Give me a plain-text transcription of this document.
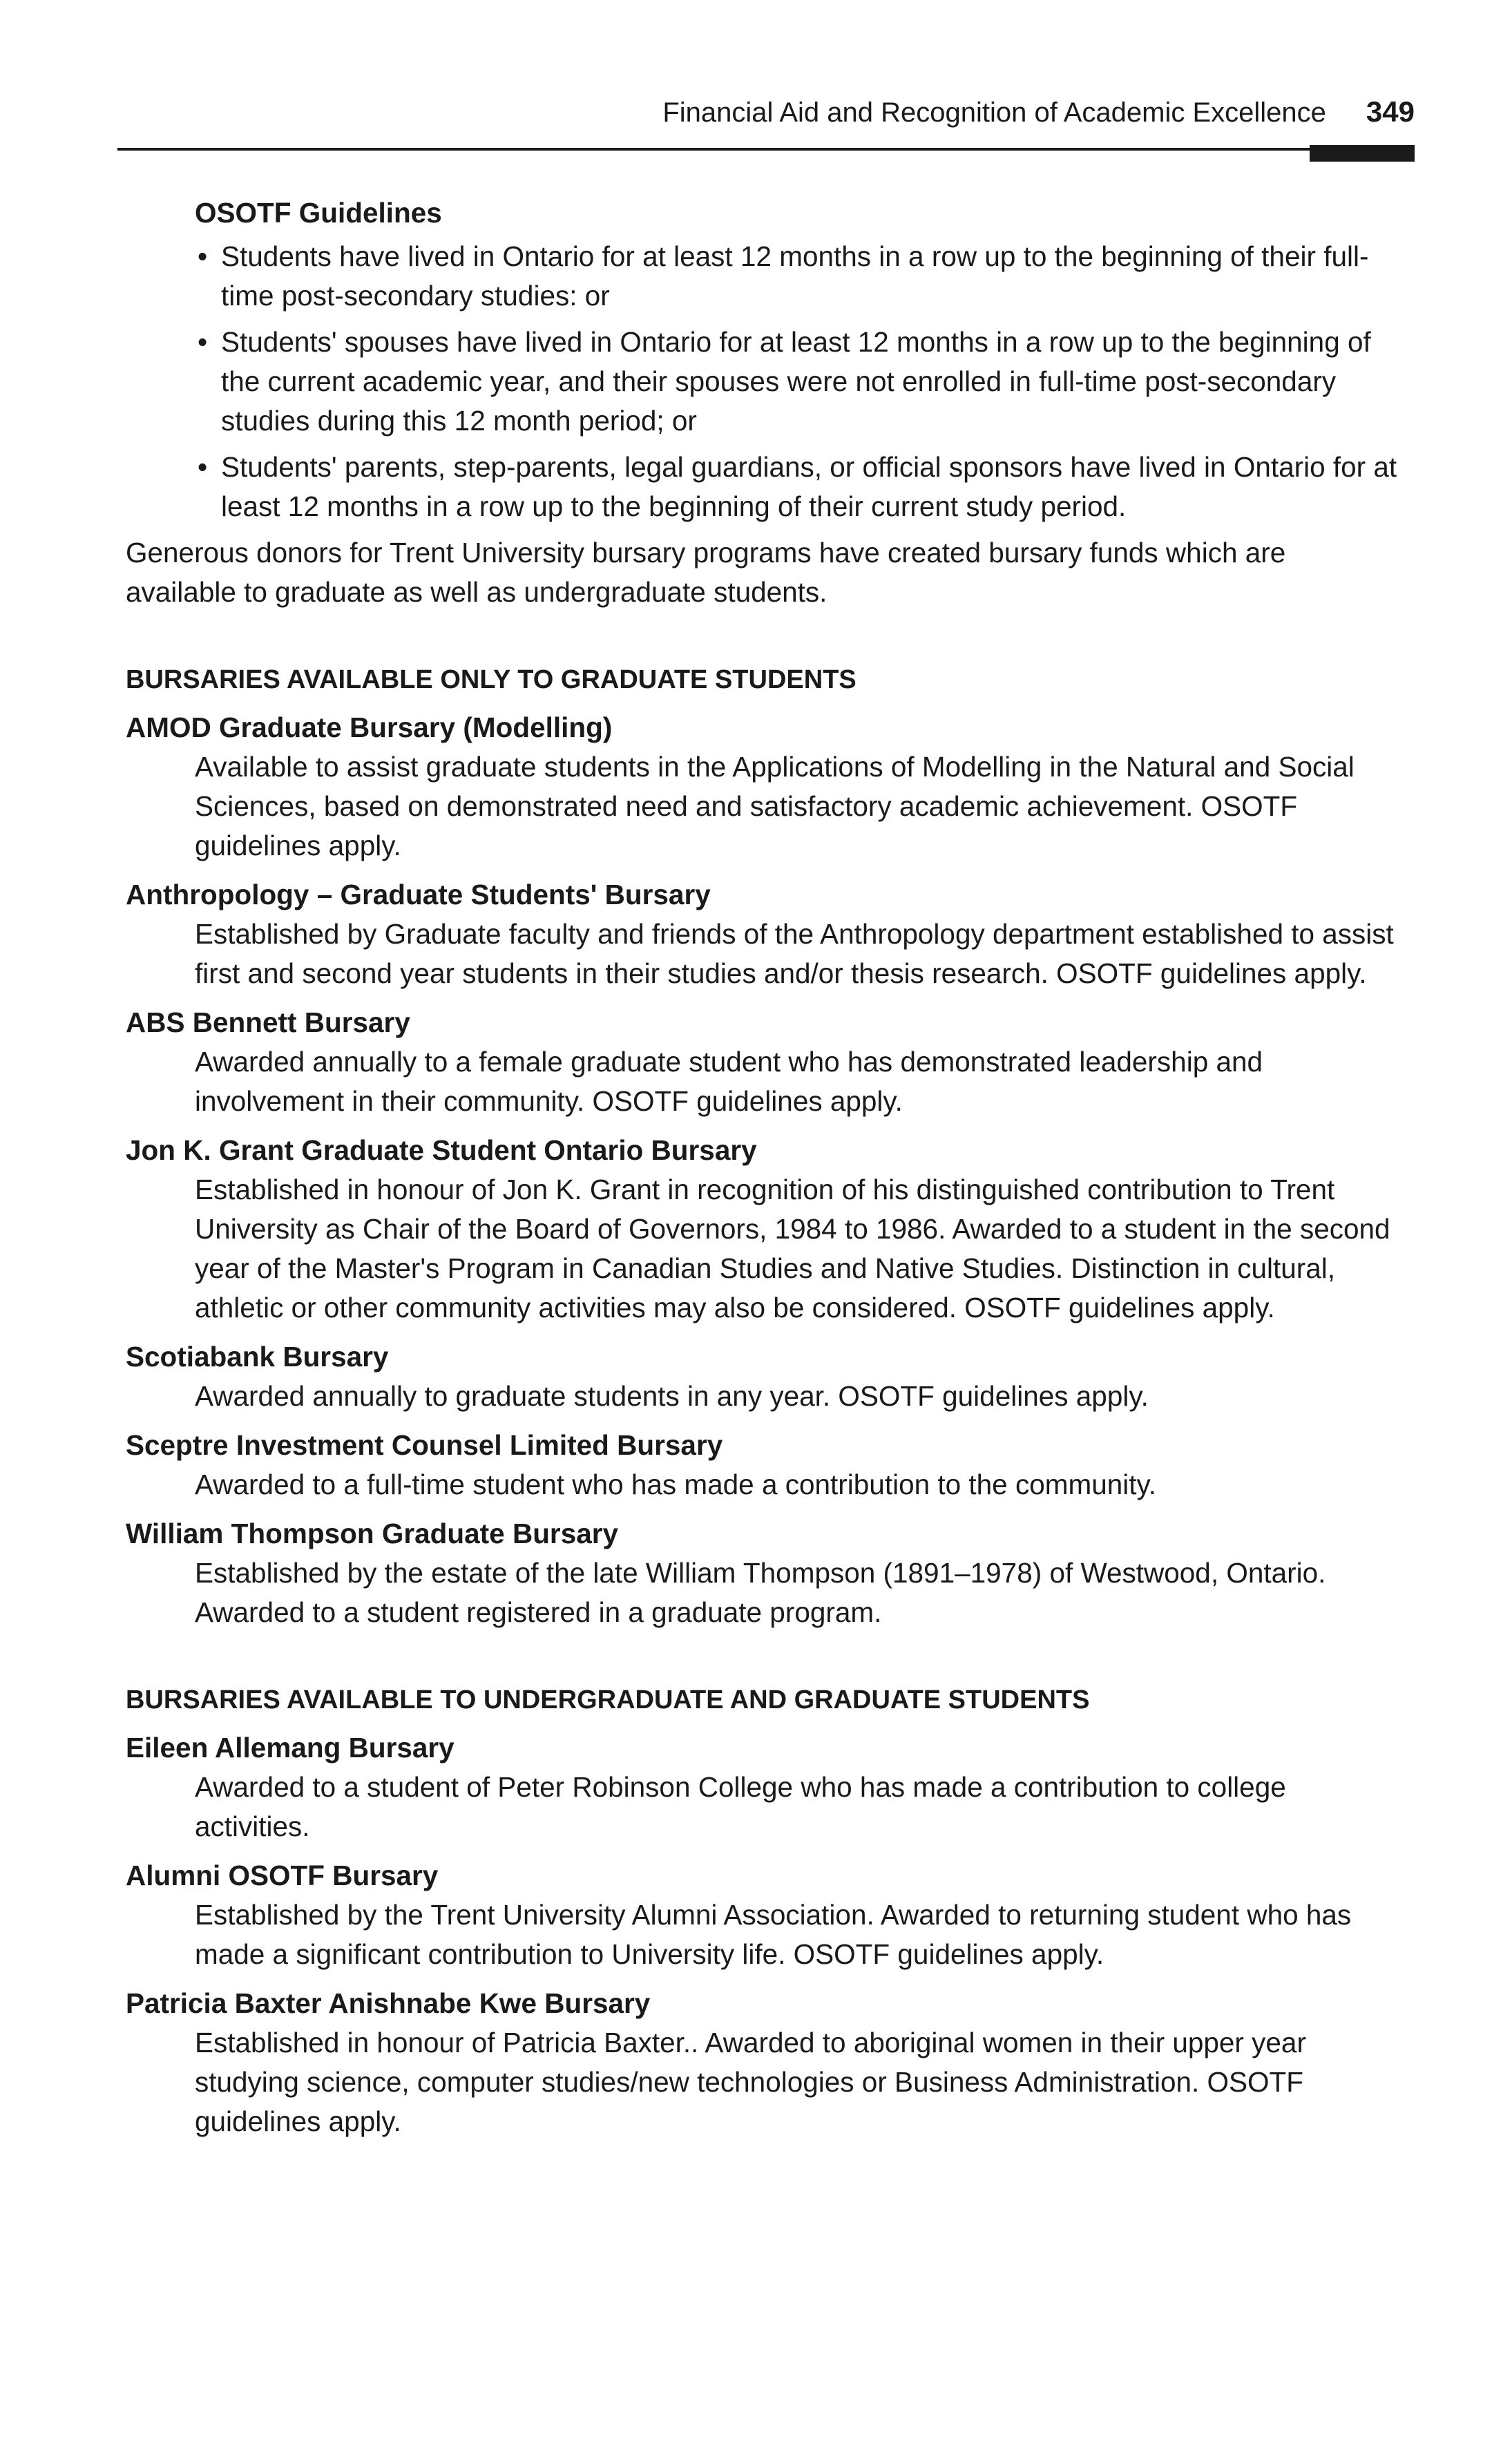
Financial Aid and Recognition of Academic Excellence 349
OSOTF Guidelines
• Students have lived in Ontario for at least 12 months in a row up to the beginning of their full-time post-secondary studies: or
• Students' spouses have lived in Ontario for at least 12 months in a row up to the beginning of the current academic year, and their spouses were not enrolled in full-time post-secondary studies during this 12 month period; or
• Students' parents, step-parents, legal guardians, or official sponsors have lived in Ontario for at least 12 months in a row up to the beginning of their current study period.
Generous donors for Trent University bursary programs have created bursary funds which are available to graduate as well as undergraduate students.
BURSARIES AVAILABLE ONLY TO GRADUATE STUDENTS
AMOD Graduate Bursary (Modelling)
Available to assist graduate students in the Applications of Modelling in the Natural and Social Sciences, based on demonstrated need and satisfactory academic achievement. OSOTF guidelines apply.
Anthropology – Graduate Students' Bursary
Established by Graduate faculty and friends of the Anthropology department established to assist first and second year students in their studies and/or thesis research. OSOTF guidelines apply.
ABS Bennett Bursary
Awarded annually to a female graduate student who has demonstrated leadership and involvement in their community. OSOTF guidelines apply.
Jon K. Grant Graduate Student Ontario Bursary
Established in honour of Jon K. Grant in recognition of his distinguished contribution to Trent University as Chair of the Board of Governors, 1984 to 1986. Awarded to a student in the second year of the Master's Program in Canadian Studies and Native Studies. Distinction in cultural, athletic or other community activities may also be considered. OSOTF guidelines apply.
Scotiabank Bursary
Awarded annually to graduate students in any year. OSOTF guidelines apply.
Sceptre Investment Counsel Limited Bursary
Awarded to a full-time student who has made a contribution to the community.
William Thompson Graduate Bursary
Established by the estate of the late William Thompson (1891–1978) of Westwood, Ontario. Awarded to a student registered in a graduate program.
BURSARIES AVAILABLE TO UNDERGRADUATE AND GRADUATE STUDENTS
Eileen Allemang Bursary
Awarded to a student of Peter Robinson College who has made a contribution to college activities.
Alumni OSOTF Bursary
Established by the Trent University Alumni Association. Awarded to returning student who has made a significant contribution to University life. OSOTF guidelines apply.
Patricia Baxter Anishnabe Kwe Bursary
Established in honour of Patricia Baxter.. Awarded to aboriginal women in their upper year studying science, computer studies/new technologies or Business Administration. OSOTF guidelines apply.
